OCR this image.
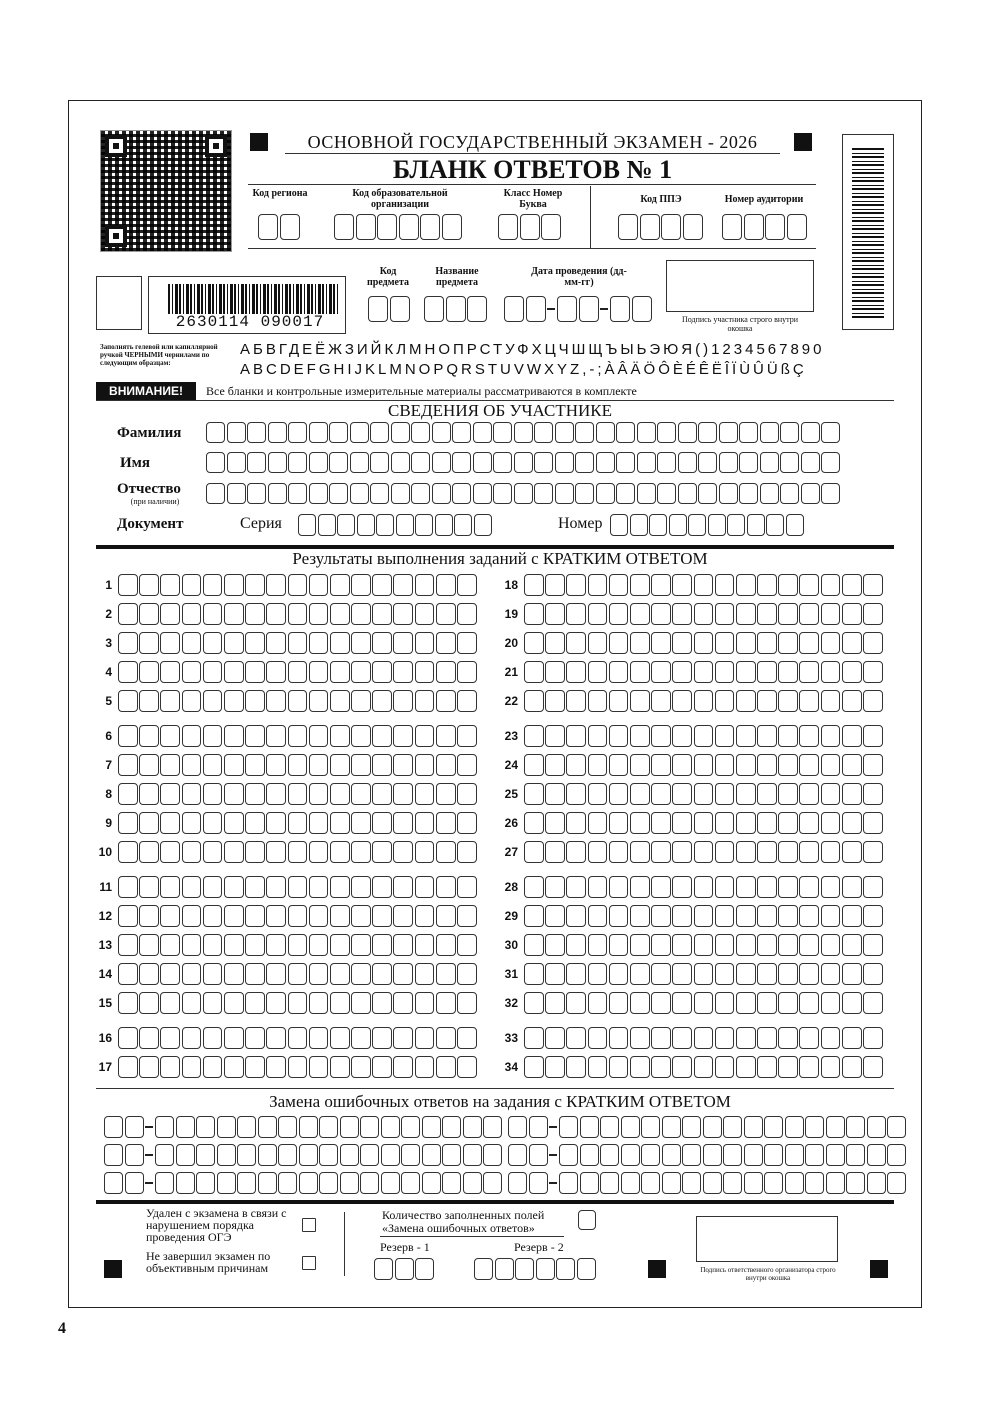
ОСНОВНОЙ ГОСУДАРСТВЕННЫЙ ЭКЗАМЕН - 2026
БЛАНК ОТВЕТОВ № 1
Код региона	Код образовательной организации
Класс Номер Буква	Код ППЭ	Номер аудитории
2630114 090017
Код предмета
Название предмета
Дата проведения (дд-мм-гг)
Подпись участника строго внутри окошка
Заполнять гелевой или капиллярной ручкой ЧЕРНЫМИ чернилами по следующим образцам:
АБВГДЕЁЖЗИЙКЛМНОПРСТУФХЦЧШЩЪЫЬЭЮЯ()1234567890
ABCDEFGHIJKLMNOPQRSTUVWXYZ,-;ÀÂÄÖÔÈÉÊËÎÏÙÛÜßÇ
ВНИМАНИЕ!	Все бланки и контрольные измерительные материалы рассматриваются в комплекте
СВЕДЕНИЯ ОБ УЧАСТНИКЕ
Фамилия
Имя
Отчество
(при наличии)
Документ	Серия	Номер
Результаты выполнения заданий с КРАТКИМ ОТВЕТОМ
1
2
3
4
5
6
7
8
9
10
11
12
13
14
15
16
17
18
19
20
21
22
23
24
25
26
27
28
29
30
31
32
33
34
Замена ошибочных ответов на задания с КРАТКИМ ОТВЕТОМ
Удален с экзамена в связи с нарушением порядка проведения ОГЭ
Не завершил экзамен по объективным причинам
Количество заполненных полей «Замена ошибочных ответов»
Резерв - 1	Резерв - 2
Подпись ответственного организатора строго внутри окошка
4
